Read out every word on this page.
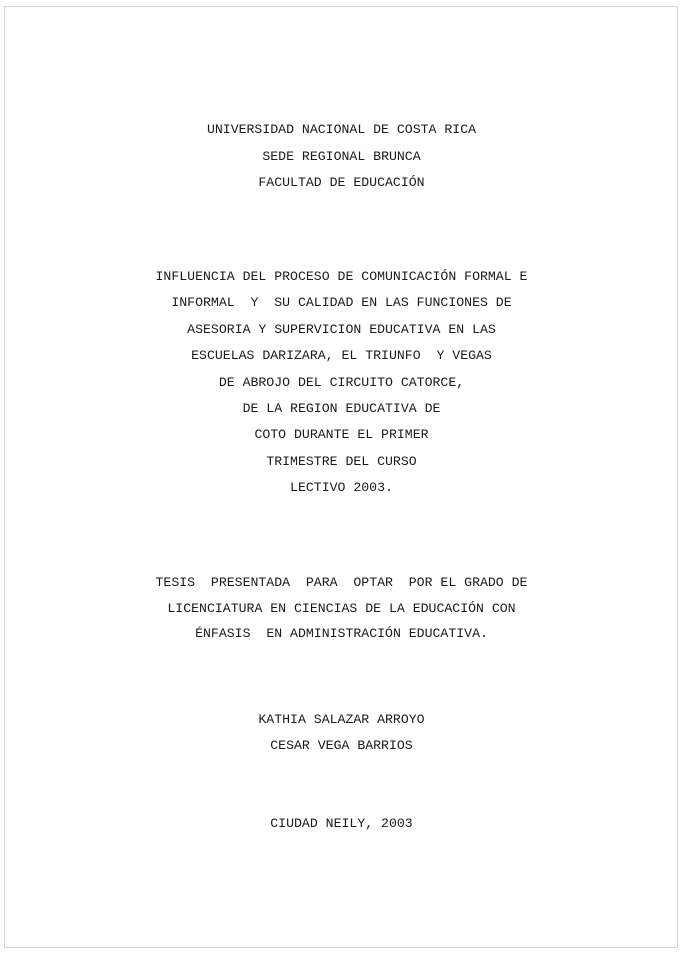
UNIVERSIDAD NACIONAL DE COSTA RICA
SEDE REGIONAL BRUNCA
FACULTAD DE EDUCACIÓN
INFLUENCIA DEL PROCESO DE COMUNICACIÓN FORMAL E
INFORMAL  Y  SU CALIDAD EN LAS FUNCIONES DE
ASESORIA Y SUPERVICION EDUCATIVA EN LAS
ESCUELAS DARIZARA, EL TRIUNFO  Y VEGAS
DE ABROJO DEL CIRCUITO CATORCE,
DE LA REGION EDUCATIVA DE
COTO DURANTE EL PRIMER
TRIMESTRE DEL CURSO
LECTIVO 2003.
TESIS  PRESENTADA  PARA  OPTAR  POR EL GRADO DE
LICENCIATURA EN CIENCIAS DE LA EDUCACIÓN CON
ÉNFASIS  EN ADMINISTRACIÓN EDUCATIVA.
KATHIA SALAZAR ARROYO
CESAR VEGA BARRIOS
CIUDAD NEILY, 2003
